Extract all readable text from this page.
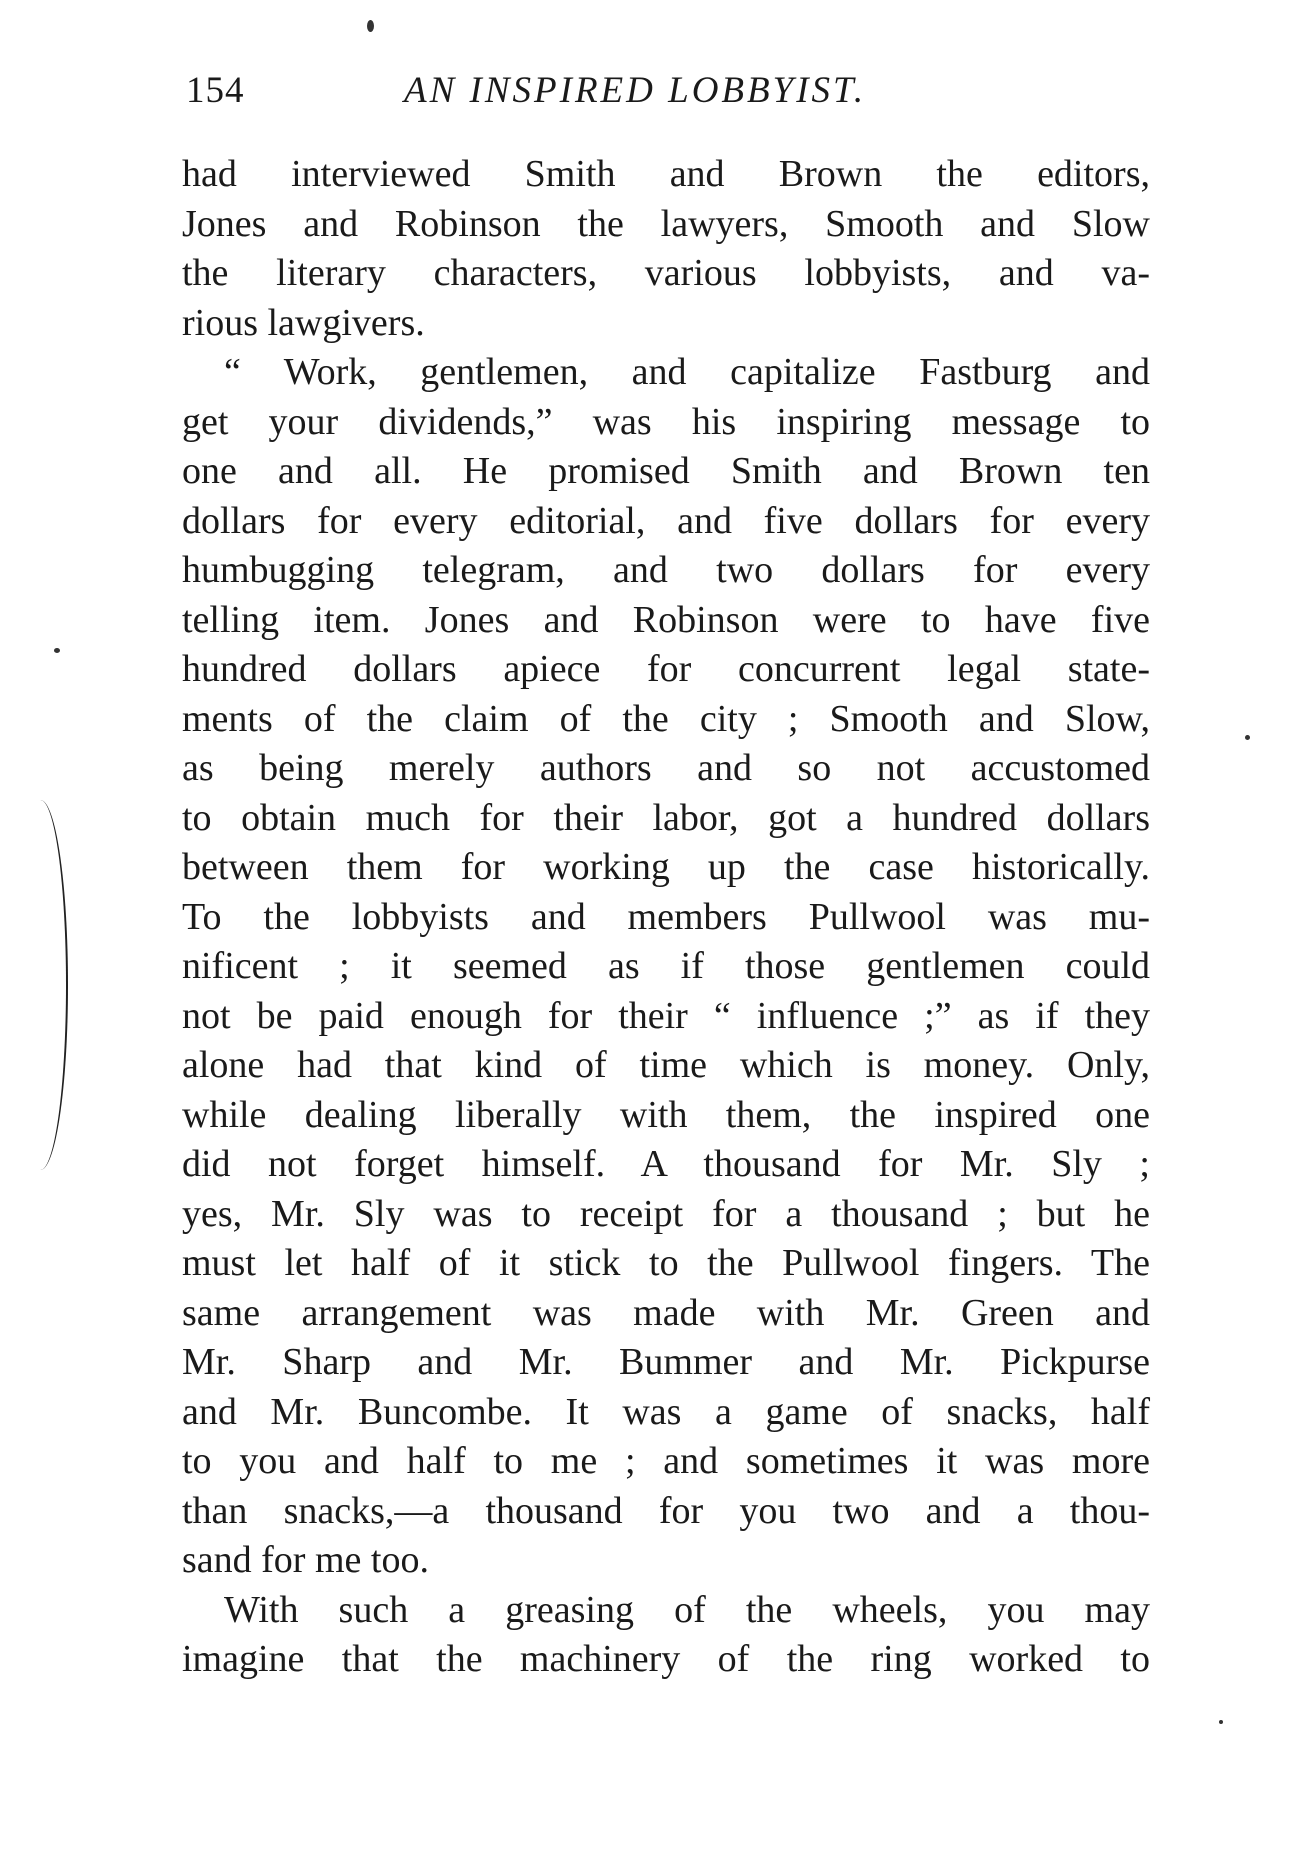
154	AN INSPIRED LOBBYIST.
had interviewed Smith and Brown the editors,
Jones and Robinson the lawyers, Smooth and Slow
the literary charaсters, various lobbyists, and va-
rious lawgivers.
“ Work, gentlemen, and capitalize Fastburg and
get your dividends,” was his inspiring message to
one and all. He promised Smith and Brown ten
dollars for every editorial, and five dollars for every
humbugging telegram, and two dollars for every
telling item. Jones and Robinson were to have five
hundred dollars apiece for concurrent legal state-
ments of the claim of the city ; Smooth and Slow,
as being merely authors and so not accustomed
to obtain much for their labor, got a hundred dollars
between them for working up the case historically.
To the lobbyists and members Pullwool was mu-
nificent ; it seemed as if those gentlemen could
not be paid enough for their “ influence ;” as if they
alone had that kind of time which is money. Only,
while dealing liberally with them, the inspired one
did not forget himself. A thousand for Mr. Sly ;
yes, Mr. Sly was to receipt for a thousand ; but he
must let half of it stick to the Pullwool fingers. The
same arrangement was made with Mr. Green and
Mr. Sharp and Mr. Bummer and Mr. Pickpurse
and Mr. Buncombe. It was a game of snacks, half
to you and half to me ; and sometimes it was more
than snacks,—a thousand for you two and a thou-
sand for me too.
With such a greasing of the wheels, you may
imagine that the machinery of the ring worked to
